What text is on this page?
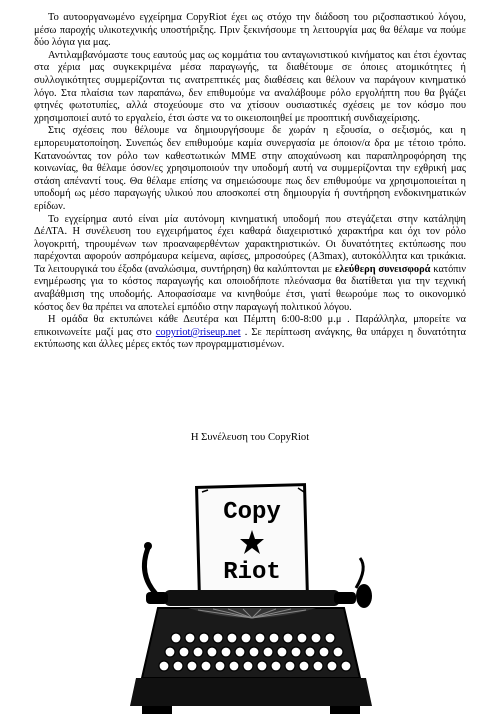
Το αυτοοργανωμένο εγχείρημα CopyRiot έχει ως στόχο την διάδοση του ριζοσπαστικού λόγου, μέσω παροχής υλικοτεχνικής υποστήριξης. Πριν ξεκινήσουμε τη λειτουργία μας θα θέλαμε να πούμε δύο λόγια για μας.

Αντιλαμβανόμαστε τους εαυτούς μας ως κομμάτια του ανταγωνιστικού κινήματος και έτσι έχοντας στα χέρια μας συγκεκριμένα μέσα παραγωγής, τα διαθέτουμε σε όποιες ατομικότητες ή συλλογικότητες συμμερίζονται τις ανατρεπτικές μας διαθέσεις και θέλουν να παράγουν κινηματικό λόγο. Στα πλαίσια των παραπάνω, δεν επιθυμούμε να αναλάβουμε ρόλο εργολήπτη που θα βγάζει φτηνές φωτοτυπίες, αλλά στοχεύουμε στο να χτίσουν ουσιαστικές σχέσεις με τον κόσμο που χρησιμοποιεί αυτό το εργαλείο, έτσι ώστε να το οικειοποιηθεί με προοπτική συνδιαχείρισης.

Στις σχέσεις που θέλουμε να δημιουργήσουμε δε χωράν η εξουσία, ο σεξισμός, και η εμπορευματοποίηση. Συνεπώς δεν επιθυμούμε καμία συνεργασία με όποιον/α δρα με τέτοιο τρόπο. Κατανοώντας τον ρόλο των καθεστωτικών ΜΜΕ στην αποχαύνωση και παραπληροφόρηση της κοινωνίας, θα θέλαμε όσον/ες χρησιμοποιούν την υποδομή αυτή να συμμερίζονται την εχθρική μας στάση απέναντί τους. Θα θέλαμε επίσης να σημειώσουμε πως δεν επιθυμούμε να χρησιμοποιείται η υποδομή ως μέσο παραγωγής υλικού που αποσκοπεί στη δημιουργία ή συντήρηση ενδοκινηματικών ερίδων.

Το εγχείρημα αυτό είναι μία αυτόνομη κινηματική υποδομή που στεγάζεται στην κατάληψη ΔέΛΤΑ. Η συνέλευση του εγχειρήματος έχει καθαρά διαχειριστικό χαρακτήρα και όχι τον ρόλο λογοκριτή, τηρουμένων των προαναφερθέντων χαρακτηριστικών. Οι δυνατότητες εκτύπωσης που παρέχονται αφορούν ασπρόμαυρα κείμενα, αφίσες, μπροσούρες (Α3max), αυτοκόλλητα και τρικάκια. Τα λειτουργικά του έξοδα (αναλώσιμα, συντήρηση) θα καλύπτονται με ελεύθερη συνεισφορά κατόπιν ενημέρωσης για το κόστος παραγωγής και οποιοδήποτε πλεόνασμα θα διατίθεται για την τεχνική αναβάθμιση της υποδομής. Αποφασίσαμε να κινηθούμε έτσι, γιατί θεωρούμε πως το οικονομικό κόστος δεν θα πρέπει να αποτελεί εμπόδιο στην παραγωγή πολιτικού λόγου.

Η ομάδα θα εκτυπώνει κάθε Δευτέρα και Πέμπτη 6:00-8:00 μ.μ . Παράλληλα, μπορείτε να επικοινωνείτε μαζί μας στο copyriot@riseup.net . Σε περίπτωση ανάγκης, θα υπάρχει η δυνατότητα εκτύπωσης και άλλες μέρες εκτός των προγραμματισμένων.

Η Συνέλευση του CopyRiot
Copy
Riot
